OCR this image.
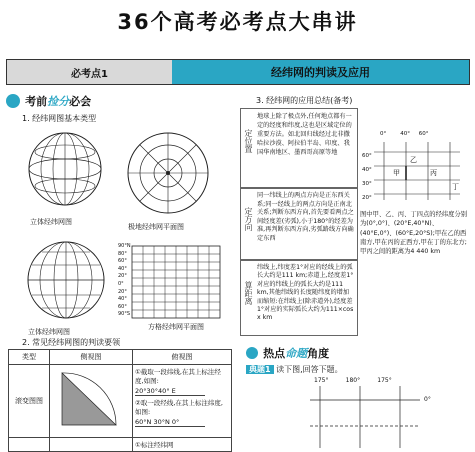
36个高考必考点大串讲
必考点1	经纬网的判读及应用
考前捡分必会
1. 经纬网图基本类型
立体经纬网图
极地经纬网平面图
立体经纬网图
90°N
80°
60°
40°
20°
0°
20°
40°
60°
90°S
方格经纬网平面图
2. 常见经纬网图的判读要领
类型	侧视图	俯视图
滚变图图		①截取一段纬线,在其上标注经度,如图:
20°30°40° E
②取一段经线,在其上标注纬度,如图:
60°N 30°N 0°

		①标注经纬网
3. 经纬网的应用总结(备考)
定位置
地球上除了极点外,任何地点都有一定的经度和纬度,这也是区域定位的重要方法。如北回归线经过北非撒哈拉沙漠、阿拉伯半岛、印度、我国华南地区、墨西哥高原等地
定方向
同一纬线上的两点方向是正东西关系;同一经线上的两点方向是正南北关系;判断东西方向,首先要看两点之间经度差(劣弧),小于180°的经差为准,再判断东西方向,劣弧路线方向确定东西
算距离
纬线上,纬度差1°对应的经线上的弧长大约是111 km;赤道上,经度差1°对应的纬线上的弧长大约是111 km,其他纬线的长度随纬度的增加而缩短:在纬线上(除赤道外),经度差1°对应的实际弧长大约为111×cos x km
0°	40° 60°
60°
40°
30°
20°
乙
甲	丙
丁
图中甲、乙、丙、丁四点的经纬度分别为(0°,0°)、(20°E,40°N)、(40°E,0°)、(60°E,20°S);甲在乙的西南方,甲在丙的正西方,甲在丁的东北方;甲丙之间的距离为4 440 km
热点命题角度
典题1 读下图,回答下题。
175°	180°	175°
0°
